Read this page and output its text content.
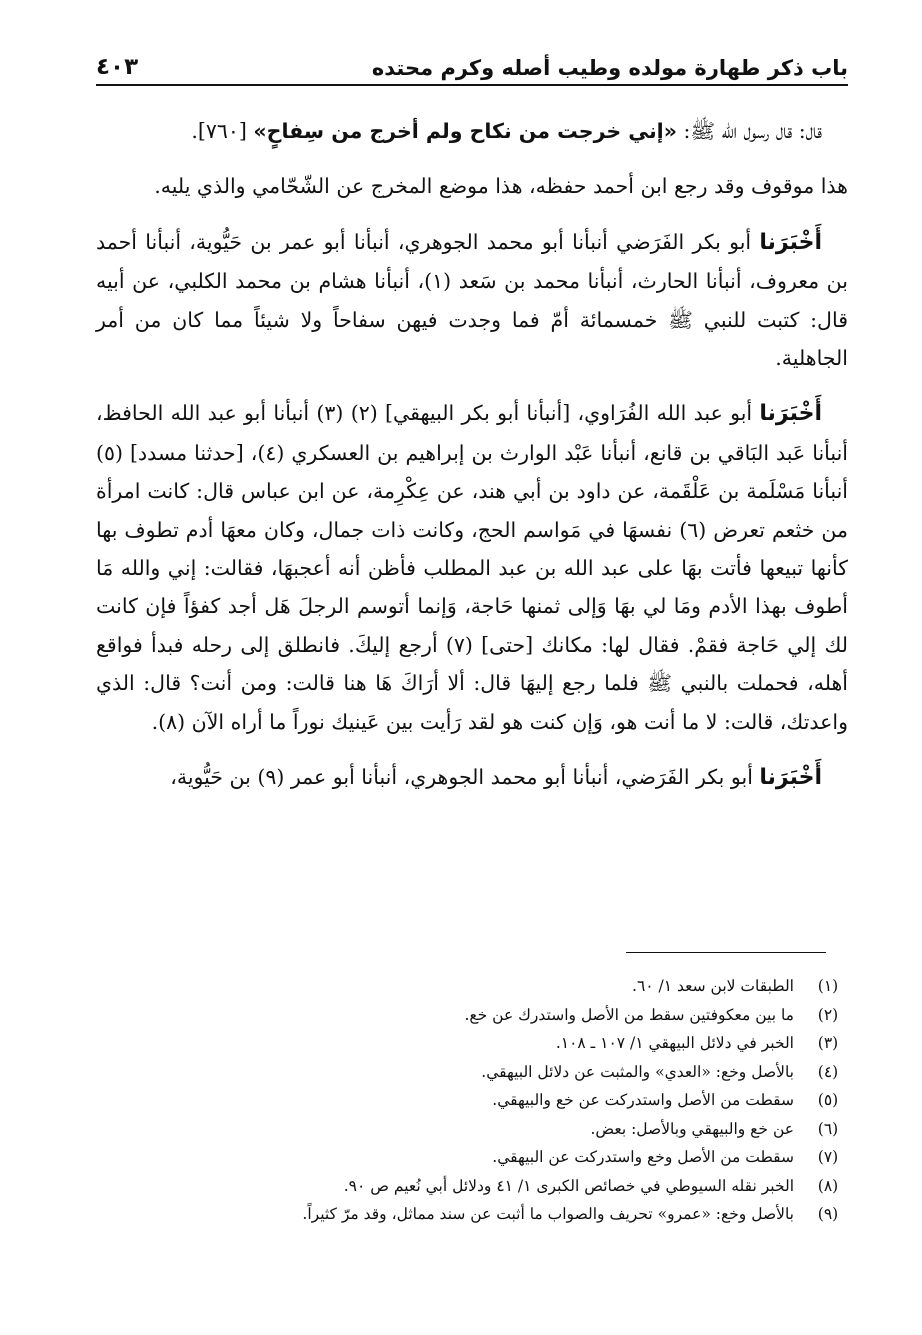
باب ذكر طهارة مولده وطيب أصله وكرم محتده
٤٠٣

قال: قال رسول الله ﷺ: «إني خرجت من نكاح ولم أخرج من سِفاحٍ» [٧٦٠].

هذا موقوف وقد رجع ابن أحمد حفظه، هذا موضع المخرج عن الشّحّامي والذي يليه.

أَخْبَرَنا أبو بكر الفَرَضي أنبأنا أبو محمد الجوهري، أنبأنا أبو عمر بن حَيُّوية، أنبأنا أحمد بن معروف، أنبأنا الحارث، أنبأنا محمد بن سَعد (١)، أنبأنا هشام بن محمد الكلبي، عن أبيه قال: كتبت للنبي ﷺ خمسمائة أمّ فما وجدت فيهن سفاحاً ولا شيئاً مما كان من أمر الجاهلية.

أَخْبَرَنا أبو عبد الله الفُرَاوي، [أنبأنا أبو بكر البيهقي] (٢) (٣) أنبأنا أبو عبد الله الحافظ، أنبأنا عَبد البَاقي بن قانع، أنبأنا عَبْد الوارث بن إبراهيم بن العسكري (٤)، [حدثنا مسدد] (٥) أنبأنا مَسْلَمة بن عَلْقَمة، عن داود بن أبي هند، عن عِكْرِمة، عن ابن عباس قال: كانت امرأة من خثعم تعرض (٦) نفسهَا في مَواسم الحج، وكانت ذات جمال، وكان معهَا أدم تطوف بها كأنها تبيعها فأتت بهَا على عبد الله بن عبد المطلب فأظن أنه أعجبهَا، فقالت: إني والله مَا أطوف بهذا الأدم ومَا لي بهَا وَإلى ثمنها حَاجة، وَإنما أتوسم الرجلَ هَل أجد كفؤاً فإن كانت لك إلي حَاجة فقمْ. فقال لها: مكانك [حتى] (٧) أرجع إليكَ. فانطلق إلى رحله فبدأ فواقع أهله، فحملت بالنبي ﷺ فلما رجع إليهَا قال: ألا أرَاكَ هَا هنا قالت: ومن أنت؟ قال: الذي واعدتك، قالت: لا ما أنت هو، وَإن كنت هو لقد رَأيت بين عَينيك نوراً ما أراه الآن (٨).

أَخْبَرَنا أبو بكر الفَرَضي، أنبأنا أبو محمد الجوهري، أنبأنا أبو عمر (٩) بن حَيُّوية،

(١)
الطبقات لابن سعد ١/ ٦٠.
(٢)
ما بين معكوفتين سقط من الأصل واستدرك عن خ‍ع.
(٣)
الخبر في دلائل البيهقي ١/ ١٠٧ ـ ١٠٨.
(٤)
بالأصل وخ‍ع: «العدي» والمثبت عن دلائل البيهقي.
(٥)
سقطت من الأصل واستدركت عن خ‍ع والبيهقي.
(٦)
عن خ‍ع والبيهقي وبالأصل: بعض.
(٧)
سقطت من الأصل وخ‍ع واستدركت عن البيهقي.
(٨)
الخبر نقله السيوطي في خصائص الكبرى ١/ ٤١ ودلائل أبي نُعيم ص ٩٠.
(٩)
بالأصل وخ‍ع: «عمرو» تحريف والصواب ما أثبت عن سند مماثل، وقد مرّ كثيراً.
